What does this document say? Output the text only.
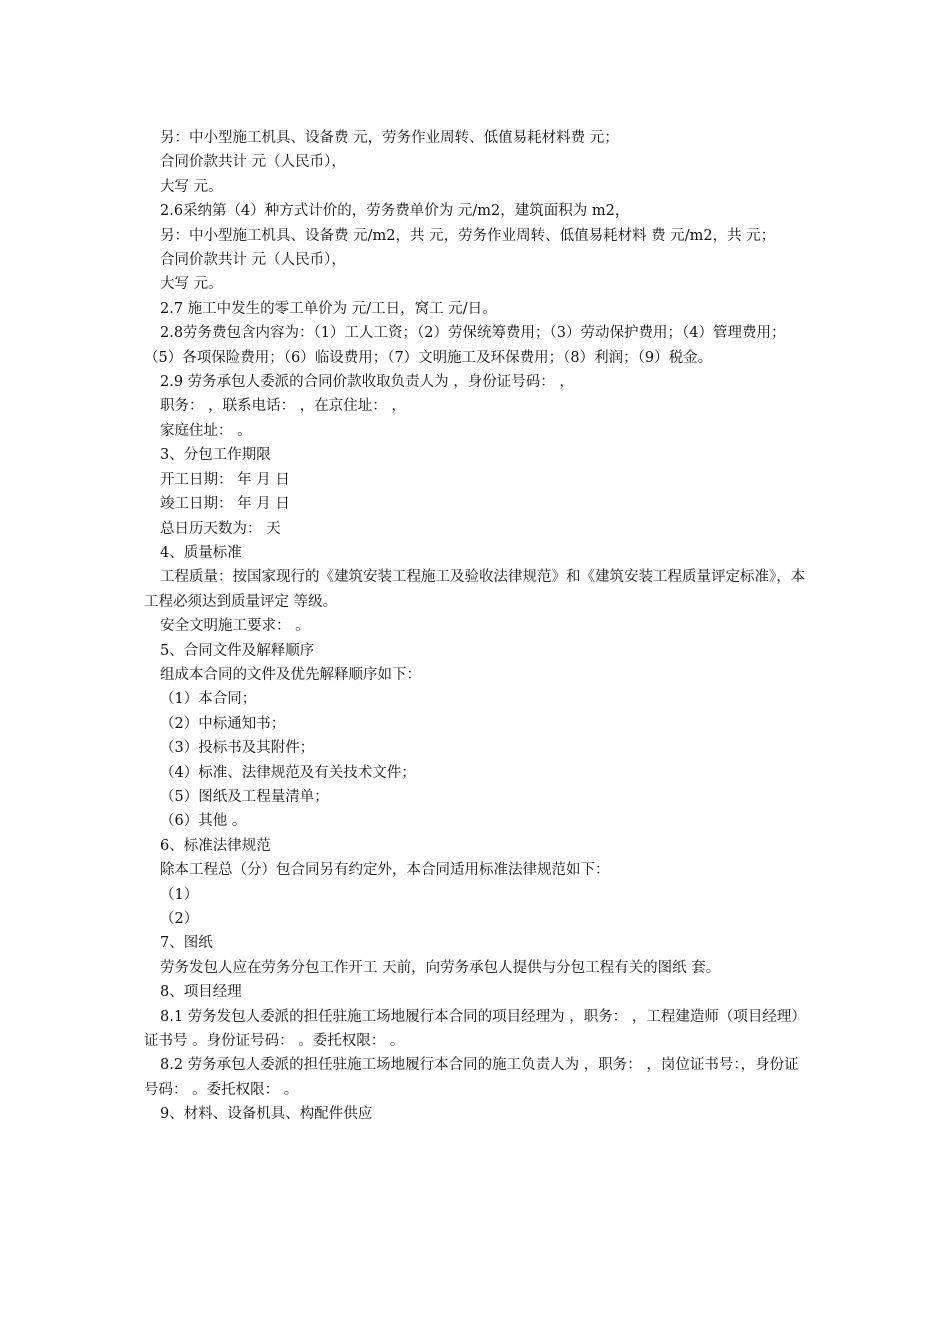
另：中小型施工机具、设备费 元，劳务作业周转、低值易耗材料费 元；

合同价款共计 元（人民币），

大写 元。

2.6采纳第（4）种方式计价的，劳务费单价为 元/m2，建筑面积为 m2，

另：中小型施工机具、设备费 元/m2，共 元，劳务作业周转、低值易耗材料 费 元/m2，共 元；

合同价款共计 元（人民币），

大写 元。

2.7 施工中发生的零工单价为 元/工日，窝工 元/日。

2.8劳务费包含内容为：（1）工人工资；（2）劳保统筹费用；（3）劳动保护费用；（4）管理费用；（5）各项保险费用；（6）临设费用；（7）文明施工及环保费用；（8）利润；（9）税金。

2.9 劳务承包人委派的合同价款收取负责人为 ，身份证号码： ，

职务： ，联系电话： ，在京住址： ，

家庭住址： 。

3、分包工作期限

开工日期： 年 月 日

竣工日期： 年 月 日

总日历天数为： 天

4、质量标准

工程质量：按国家现行的《建筑安装工程施工及验收法律规范》和《建筑安装工程质量评定标准》，本工程必须达到质量评定 等级。

安全文明施工要求： 。

5、合同文件及解释顺序

组成本合同的文件及优先解释顺序如下：

（1）本合同；

（2）中标通知书；

（3）投标书及其附件；

（4）标准、法律规范及有关技术文件；

（5）图纸及工程量清单；

（6）其他 。

6、标准法律规范

除本工程总（分）包合同另有约定外，本合同适用标准法律规范如下：

（1）

（2）

7、图纸

劳务发包人应在劳务分包工作开工 天前，向劳务承包人提供与分包工程有关的图纸 套。

8、项目经理

8.1 劳务发包人委派的担任驻施工场地履行本合同的项目经理为 ，职务： ，工程建造师（项目经理）证书号 。身份证号码： 。委托权限： 。

8.2 劳务承包人委派的担任驻施工场地履行本合同的施工负责人为 ，职务： ，岗位证书号：，身份证号码： 。委托权限： 。

9、材料、设备机具、构配件供应
